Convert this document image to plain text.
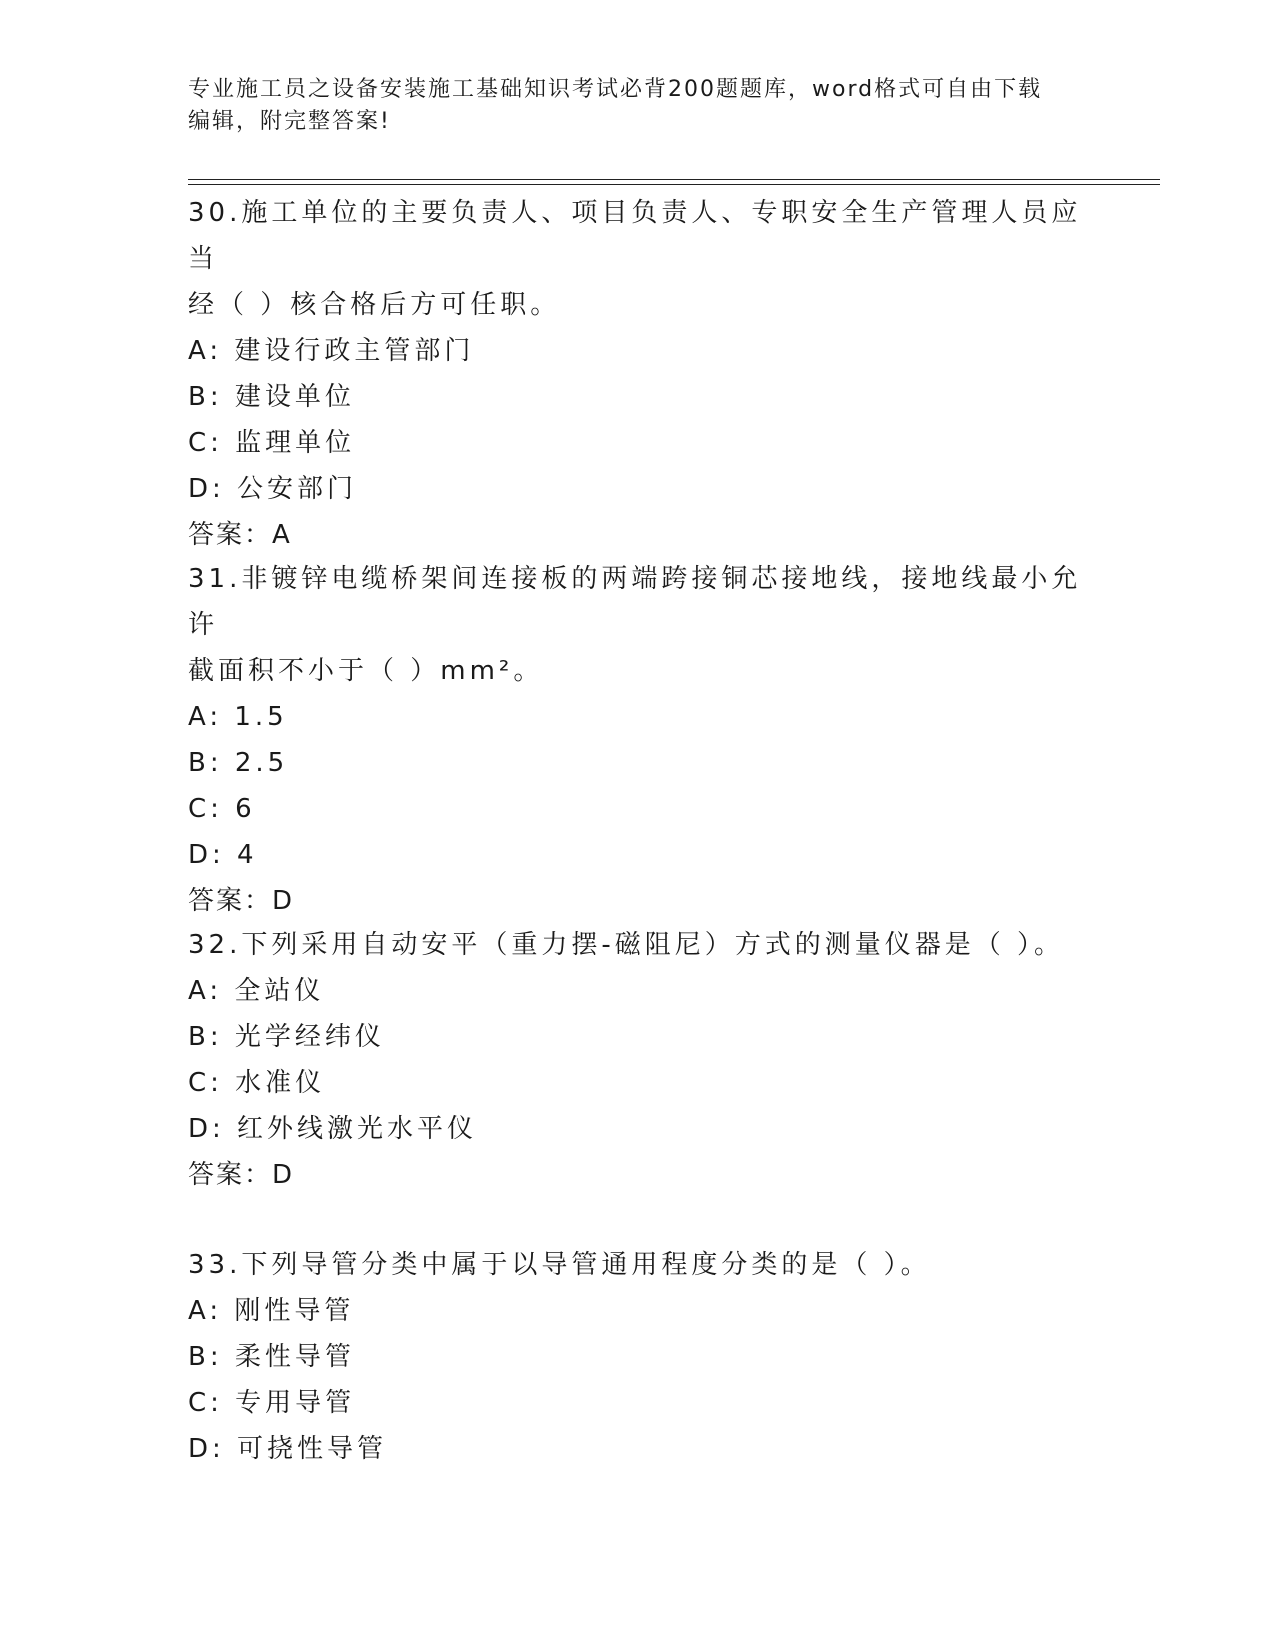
专业施工员之设备安装施工基础知识考试必背200题题库，word格式可自由下载
编辑，附完整答案!
30.施工单位的主要负责人、项目负责人、专职安全生产管理人员应当
经（ ）核合格后方可任职。
A: 建设行政主管部门
B: 建设单位
C: 监理单位
D: 公安部门
答案：A
31.非镀锌电缆桥架间连接板的两端跨接铜芯接地线，接地线最小允许
截面积不小于（ ）mm²。
A: 1.5
B: 2.5
C: 6
D: 4
答案：D
32.下列采用自动安平（重力摆-磁阻尼）方式的测量仪器是（ ）。
A: 全站仪
B: 光学经纬仪
C: 水准仪
D: 红外线激光水平仪
答案：D
33.下列导管分类中属于以导管通用程度分类的是（ ）。
A: 刚性导管
B: 柔性导管
C: 专用导管
D: 可挠性导管
